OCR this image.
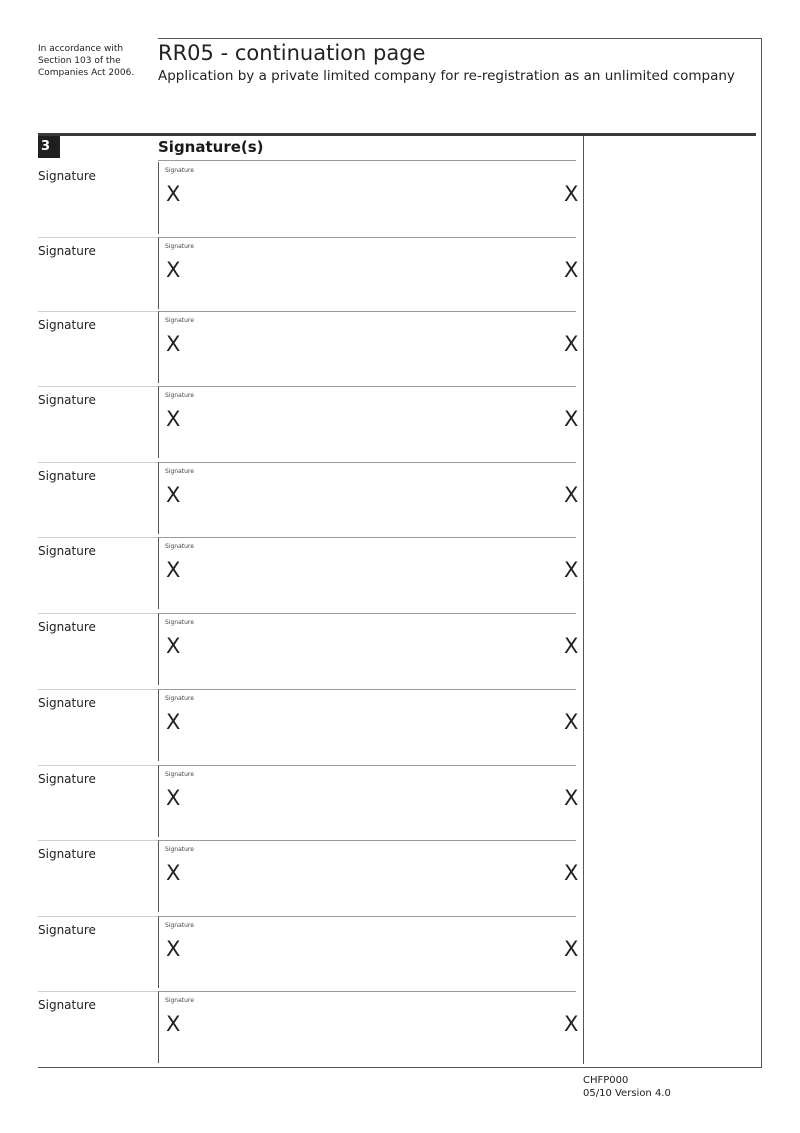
In accordance with
Section 103 of the
Companies Act 2006.
RR05 - continuation page
Application by a private limited company for re-registration as an unlimited company
3	Signature(s)
Signature	Signature
X	X
Signature	Signature
X	X
Signature	Signature
X	X
Signature	Signature
X	X
Signature	Signature
X	X
Signature	Signature
X	X
Signature	Signature
X	X
Signature	Signature
X	X
Signature	Signature
X	X
Signature	Signature
X	X
Signature	Signature
X	X
Signature	Signature
X	X
CHFP000
05/10 Version 4.0
